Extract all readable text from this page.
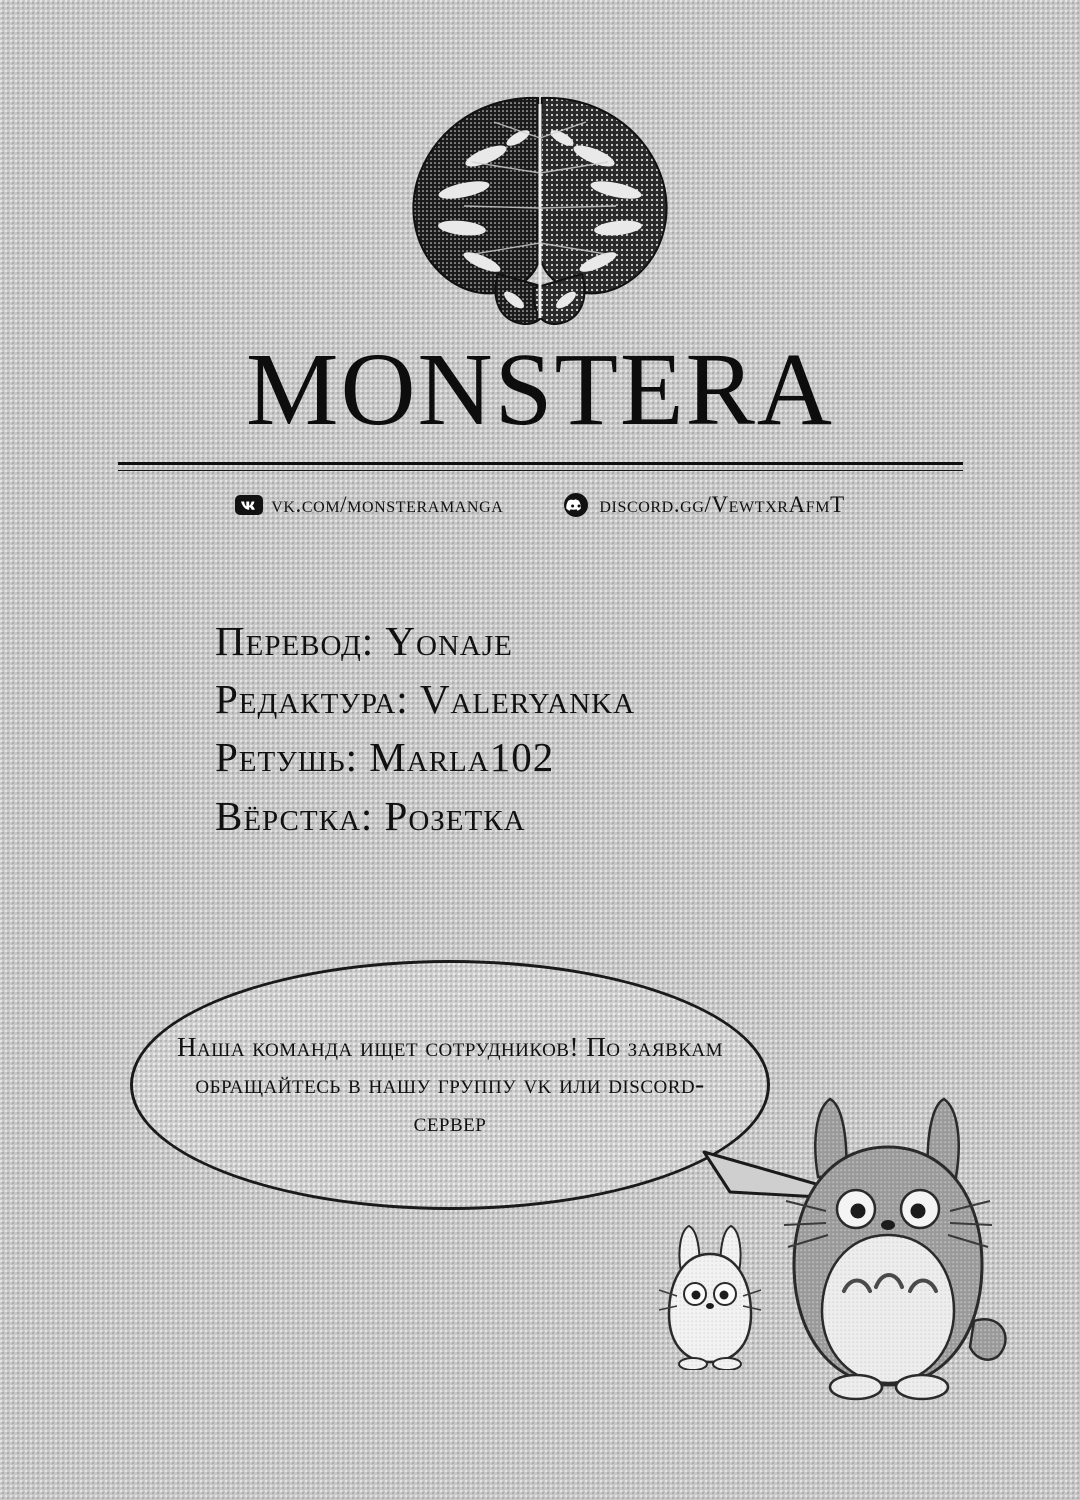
MONSTERA
vk.com/monsteramanga	discord.gg/VewtxrAfmT
Перевод: Yonaje
Редактура: Valeryanka
Ретушь: Marla102
Вёрстка: Розетка
Наша команда ищет сотрудников! По заявкам обращайтесь в нашу группу vk или discord-сервер
